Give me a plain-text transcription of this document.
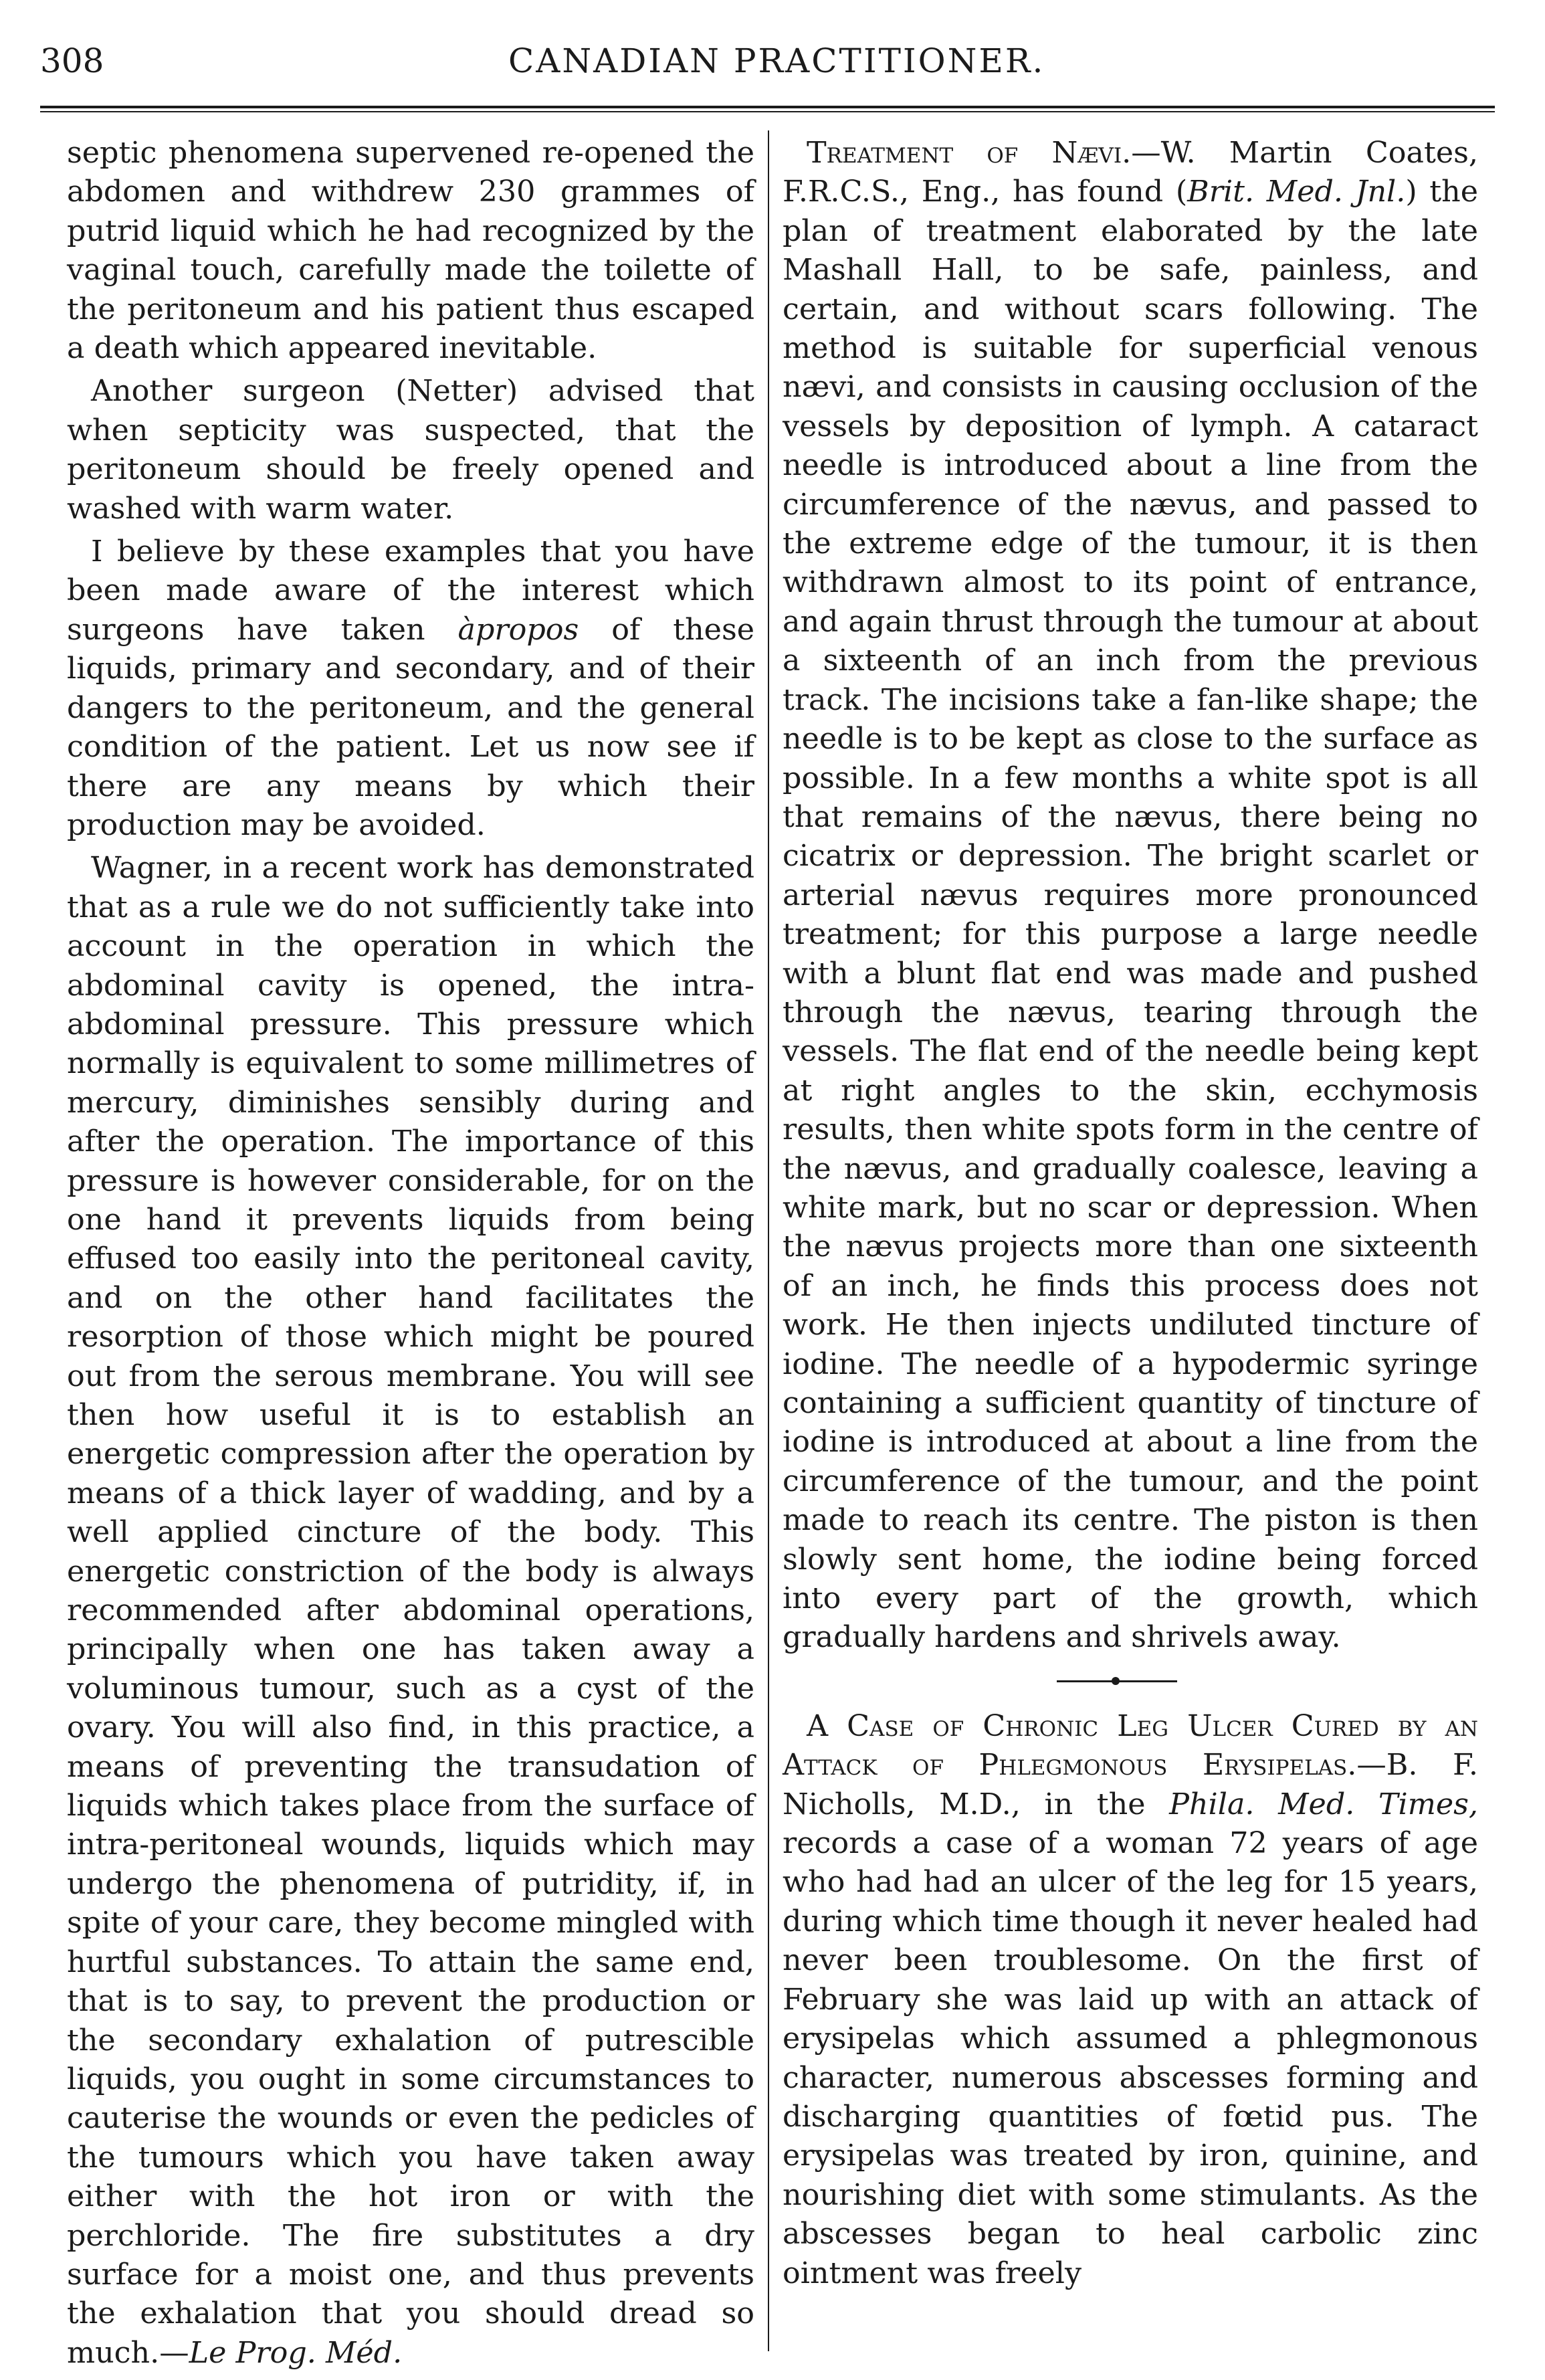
308	CANADIAN PRACTITIONER.

septic phenomena supervened re-opened the abdomen and withdrew 230 grammes of putrid liquid which he had recognized by the vaginal touch, carefully made the toilette of the peritoneum and his patient thus escaped a death which appeared inevitable.

Another surgeon (Netter) advised that when septicity was suspected, that the peritoneum should be freely opened and washed with warm water.

I believe by these examples that you have been made aware of the interest which surgeons have taken àpropos of these liquids, primary and secondary, and of their dangers to the peritoneum, and the general condition of the patient. Let us now see if there are any means by which their production may be avoided.

Wagner, in a recent work has demonstrated that as a rule we do not sufficiently take into account in the operation in which the abdominal cavity is opened, the intra-abdominal pressure. This pressure which normally is equivalent to some millimetres of mercury, diminishes sensibly during and after the operation. The importance of this pressure is however considerable, for on the one hand it prevents liquids from being effused too easily into the peritoneal cavity, and on the other hand facilitates the resorption of those which might be poured out from the serous membrane. You will see then how useful it is to establish an energetic compression after the operation by means of a thick layer of wadding, and by a well applied cincture of the body. This energetic constriction of the body is always recommended after abdominal operations, principally when one has taken away a voluminous tumour, such as a cyst of the ovary. You will also find, in this practice, a means of preventing the transudation of liquids which takes place from the surface of intra-peritoneal wounds, liquids which may undergo the phenomena of putridity, if, in spite of your care, they become mingled with hurtful substances. To attain the same end, that is to say, to prevent the production or the secondary exhalation of putrescible liquids, you ought in some circumstances to cauterise the wounds or even the pedicles of the tumours which you have taken away either with the hot iron or with the perchloride. The fire substitutes a dry surface for a moist one, and thus prevents the exhalation that you should dread so much.—Le Prog. Méd.

Treatment of Nævi.—W. Martin Coates, F.R.C.S., Eng., has found (Brit. Med. Jnl.) the plan of treatment elaborated by the late Mashall Hall, to be safe, painless, and certain, and without scars following. The method is suitable for superficial venous nævi, and consists in causing occlusion of the vessels by deposition of lymph. A cataract needle is introduced about a line from the circumference of the nævus, and passed to the extreme edge of the tumour, it is then withdrawn almost to its point of entrance, and again thrust through the tumour at about a sixteenth of an inch from the previous track. The incisions take a fan-like shape; the needle is to be kept as close to the surface as possible. In a few months a white spot is all that remains of the nævus, there being no cicatrix or depression. The bright scarlet or arterial nævus requires more pronounced treatment; for this purpose a large needle with a blunt flat end was made and pushed through the nævus, tearing through the vessels. The flat end of the needle being kept at right angles to the skin, ecchymosis results, then white spots form in the centre of the nævus, and gradually coalesce, leaving a white mark, but no scar or depression. When the nævus projects more than one sixteenth of an inch, he finds this process does not work. He then injects undiluted tincture of iodine. The needle of a hypodermic syringe containing a sufficient quantity of tincture of iodine is introduced at about a line from the circumference of the tumour, and the point made to reach its centre. The piston is then slowly sent home, the iodine being forced into every part of the growth, which gradually hardens and shrivels away.

A Case of Chronic Leg Ulcer Cured by an Attack of Phlegmonous Erysipelas.—B. F. Nicholls, M.D., in the Phila. Med. Times, records a case of a woman 72 years of age who had had an ulcer of the leg for 15 years, during which time though it never healed had never been troublesome. On the first of February she was laid up with an attack of erysipelas which assumed a phlegmonous character, numerous abscesses forming and discharging quantities of fœtid pus. The erysipelas was treated by iron, quinine, and nourishing diet with some stimulants. As the abscesses began to heal carbolic zinc ointment was freely
